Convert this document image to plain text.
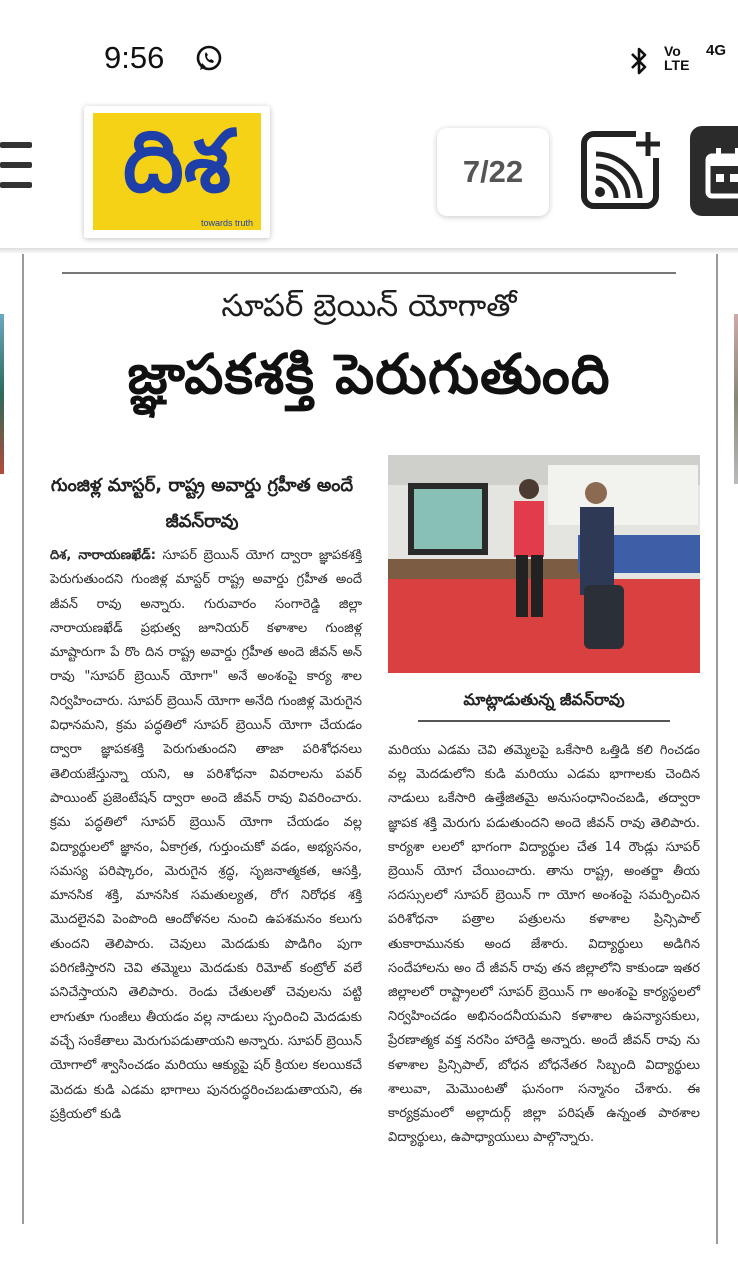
9:56	Vo
LTE
4G
దిశ
towards truth
7/22
సూపర్ బ్రెయిన్ యోగాతో
జ్ఞాపకశక్తి పెరుగుతుంది
గుంజిళ్ల మాస్టర్, రాష్ట్ర అవార్డు గ్రహీత అందే జీవన్‌రావు
దిశ, నారాయణఖేడ్: సూపర్ బ్రెయిన్ యోగ ద్వారా జ్ఞాపకశక్తి పెరుగుతుందని గుంజిళ్ల మాస్టర్ రాష్ట్ర అవార్డు గ్రహీత అందే జీవన్ రావు అన్నారు. గురువారం సంగారెడ్డి జిల్లా నారాయణఖేడ్ ప్రభుత్వ జూనియర్ కళాశాల గుంజిళ్ల మాష్టారుగా పే రొం దిన రాష్ట్ర అవార్డు గ్రహీత అందె జీవన్ అన్ రావు "సూపర్ బ్రెయిన్ యోగా" అనే అంశంపై కార్య శాల నిర్వహించారు. సూపర్ బ్రెయిన్ యోగా అనేది గుంజిళ్ల మెరుగైన విధానమని, క్రమ పద్ధతిలో సూపర్ బ్రెయిన్ యోగా చేయడం ద్వారా జ్ఞాపకశక్తి పెరుగుతుందని తాజా పరిశోధనలు తెలియజేస్తున్నా యని, ఆ పరిశోధనా వివరాలను పవర్ పాయింట్ ప్రజెంటేషన్ ద్వారా అందె జీవన్ రావు వివరించారు. క్రమ పద్ధతిలో సూపర్ బ్రెయిన్ యోగా చేయడం వల్ల విద్యార్థులలో జ్ఞానం, ఏకాగ్రత, గుర్తుంచుకో వడం, అభ్యసనం, సమస్య పరిష్కారం, మెరుగైన శ్రద్ధ, సృజనాత్మకత, ఆసక్తి, మానసిక శక్తి, మానసిక సమతుల్యత, రోగ నిరోధక శక్తి మొదలైనవి పెంపొంది ఆందోళనల నుంచి ఉపశమనం కలుగు తుందని తెలిపారు. చెవులు మెదడుకు పొడిగిం పుగా పరిగణిస్తారని చెవి తమ్మెలు మెదడుకు రిమోట్ కంట్రోల్ వలే పనిచేస్తాయని తెలిపారు. రెండు చేతులతో చెవులను పట్టి లాగుతూ గుంజీలు తీయడం వల్ల నాడులు స్పందించి మెదడుకు వచ్చే సంకేతాలు మెరుగుపడుతాయని అన్నారు. సూపర్ బ్రెయిన్ యోగాలో శ్వాసించడం మరియు ఆక్యుపై షర్ క్రియల కలయికచే మెదడు కుడి ఎడమ భాగాలు పునరుద్ధరించబడుతాయని, ఈ ప్రక్రియలో కుడి
మాట్లాడుతున్న జీవన్‌రావు
మరియు ఎడమ చెవి తమ్మెలపై ఒకేసారి ఒత్తిడి కలి గించడం వల్ల మెదడులోని కుడి మరియు ఎడమ భాగాలకు చెందిన నాడులు ఒకేసారి ఉత్తేజితమై అనుసంధానించబడి, తద్వారా జ్ఞాపక శక్తి మెరుగు పడుతుందని అందె జీవన్ రావు తెలిపారు. కార్యశా లలలో భాగంగా విద్యార్థుల చేత 14 రౌండ్లు సూపర్ బ్రెయిన్ యోగ చేయించారు. తాను రాష్ట్ర, అంతర్జా తీయ సదస్సులలో సూపర్ బ్రెయిన్ గా యోగ అంశంపై సమర్పించిన పరిశోధనా పత్రాల పత్రులను కళాశాల ప్రిన్సిపాల్ తుకారామునకు అంద జేశారు. విద్యార్థులు అడిగిన సందేహాలను అం దే జీవన్ రావు తన జిల్లాలోని కాకుండా ఇతర జిల్లాలలో రాష్ట్రాలలో సూపర్ బ్రెయిన్ గా అంశంపై కార్యస్థలలో నిర్వహించడం అభినందనీయమని కళాశాల ఉపన్యాసకులు, ప్రేరణాత్మక వక్త నరసిం హారెడ్డి అన్నారు. అందే జీవన్ రావు ను కళాశాల ప్రిన్సిపాల్, బోధన బోధనేతర సిబ్బంది విద్యార్థులు శాలువా, మెమొంటతో ఘనంగా సన్మానం చేశారు. ఈ కార్యక్రమంలో అల్లాదుర్గ్ జిల్లా పరిషత్ ఉన్నంత పాఠశాల విద్యార్థులు, ఉపాధ్యాయులు పాల్గొన్నారు.
